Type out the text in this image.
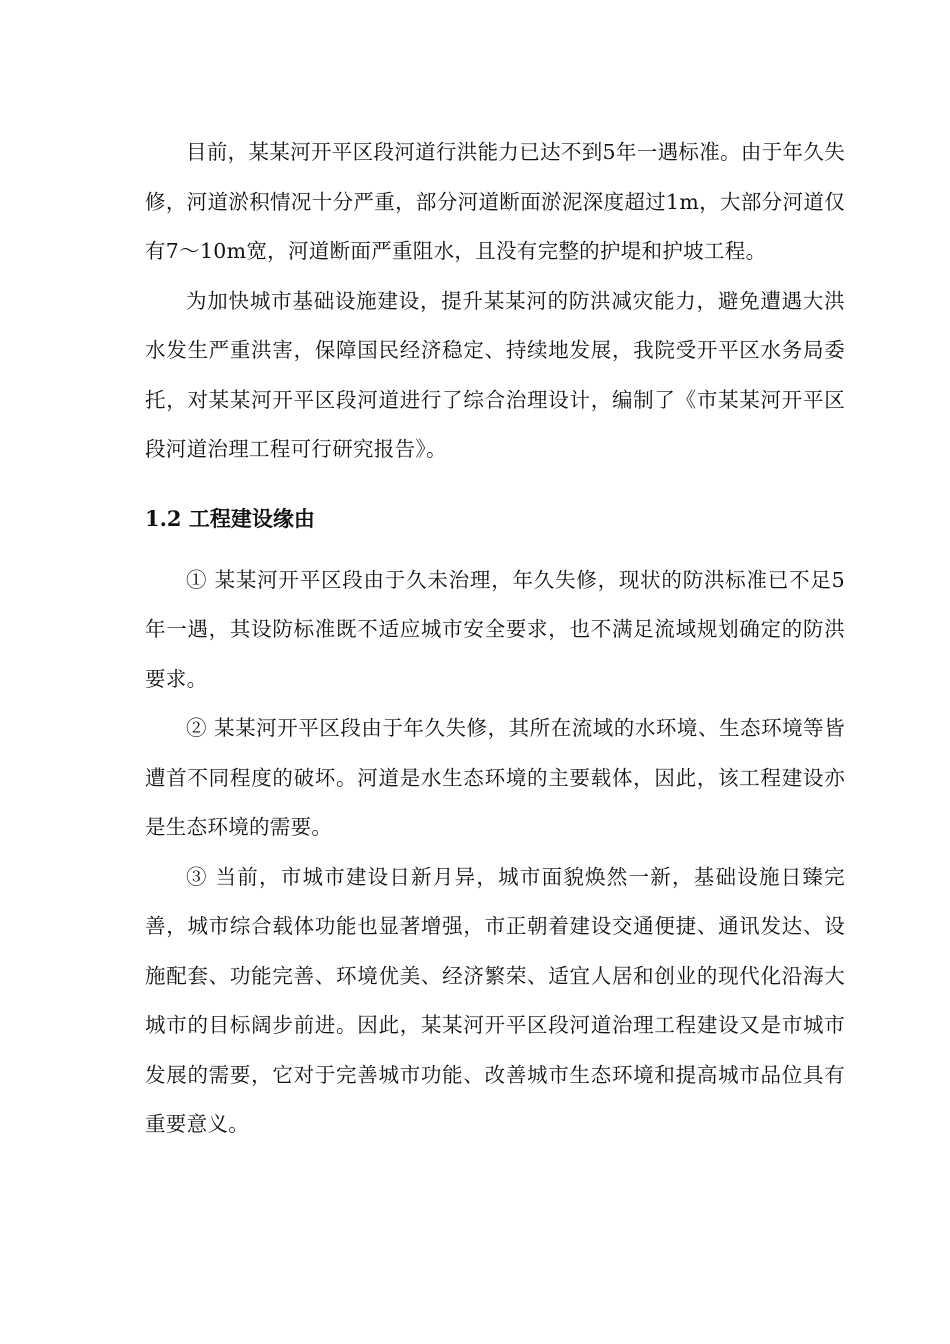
目前，某某河开平区段河道行洪能力已达不到5年一遇标准。由于年久失修，河道淤积情况十分严重，部分河道断面淤泥深度超过1m，大部分河道仅有7～10m宽，河道断面严重阻水，且没有完整的护堤和护坡工程。

为加快城市基础设施建设，提升某某河的防洪减灾能力，避免遭遇大洪水发生严重洪害，保障国民经济稳定、持续地发展，我院受开平区水务局委托，对某某河开平区段河道进行了综合治理设计，编制了《市某某河开平区段河道治理工程可行研究报告》。

1.2 工程建设缘由

① 某某河开平区段由于久未治理，年久失修，现状的防洪标准已不足5年一遇，其设防标准既不适应城市安全要求，也不满足流域规划确定的防洪要求。

② 某某河开平区段由于年久失修，其所在流域的水环境、生态环境等皆遭首不同程度的破坏。河道是水生态环境的主要载体，因此，该工程建设亦是生态环境的需要。

③ 当前，市城市建设日新月异，城市面貌焕然一新，基础设施日臻完善，城市综合载体功能也显著增强，市正朝着建设交通便捷、通讯发达、设施配套、功能完善、环境优美、经济繁荣、适宜人居和创业的现代化沿海大城市的目标阔步前进。因此，某某河开平区段河道治理工程建设又是市城市发展的需要，它对于完善城市功能、改善城市生态环境和提高城市品位具有重要意义。
